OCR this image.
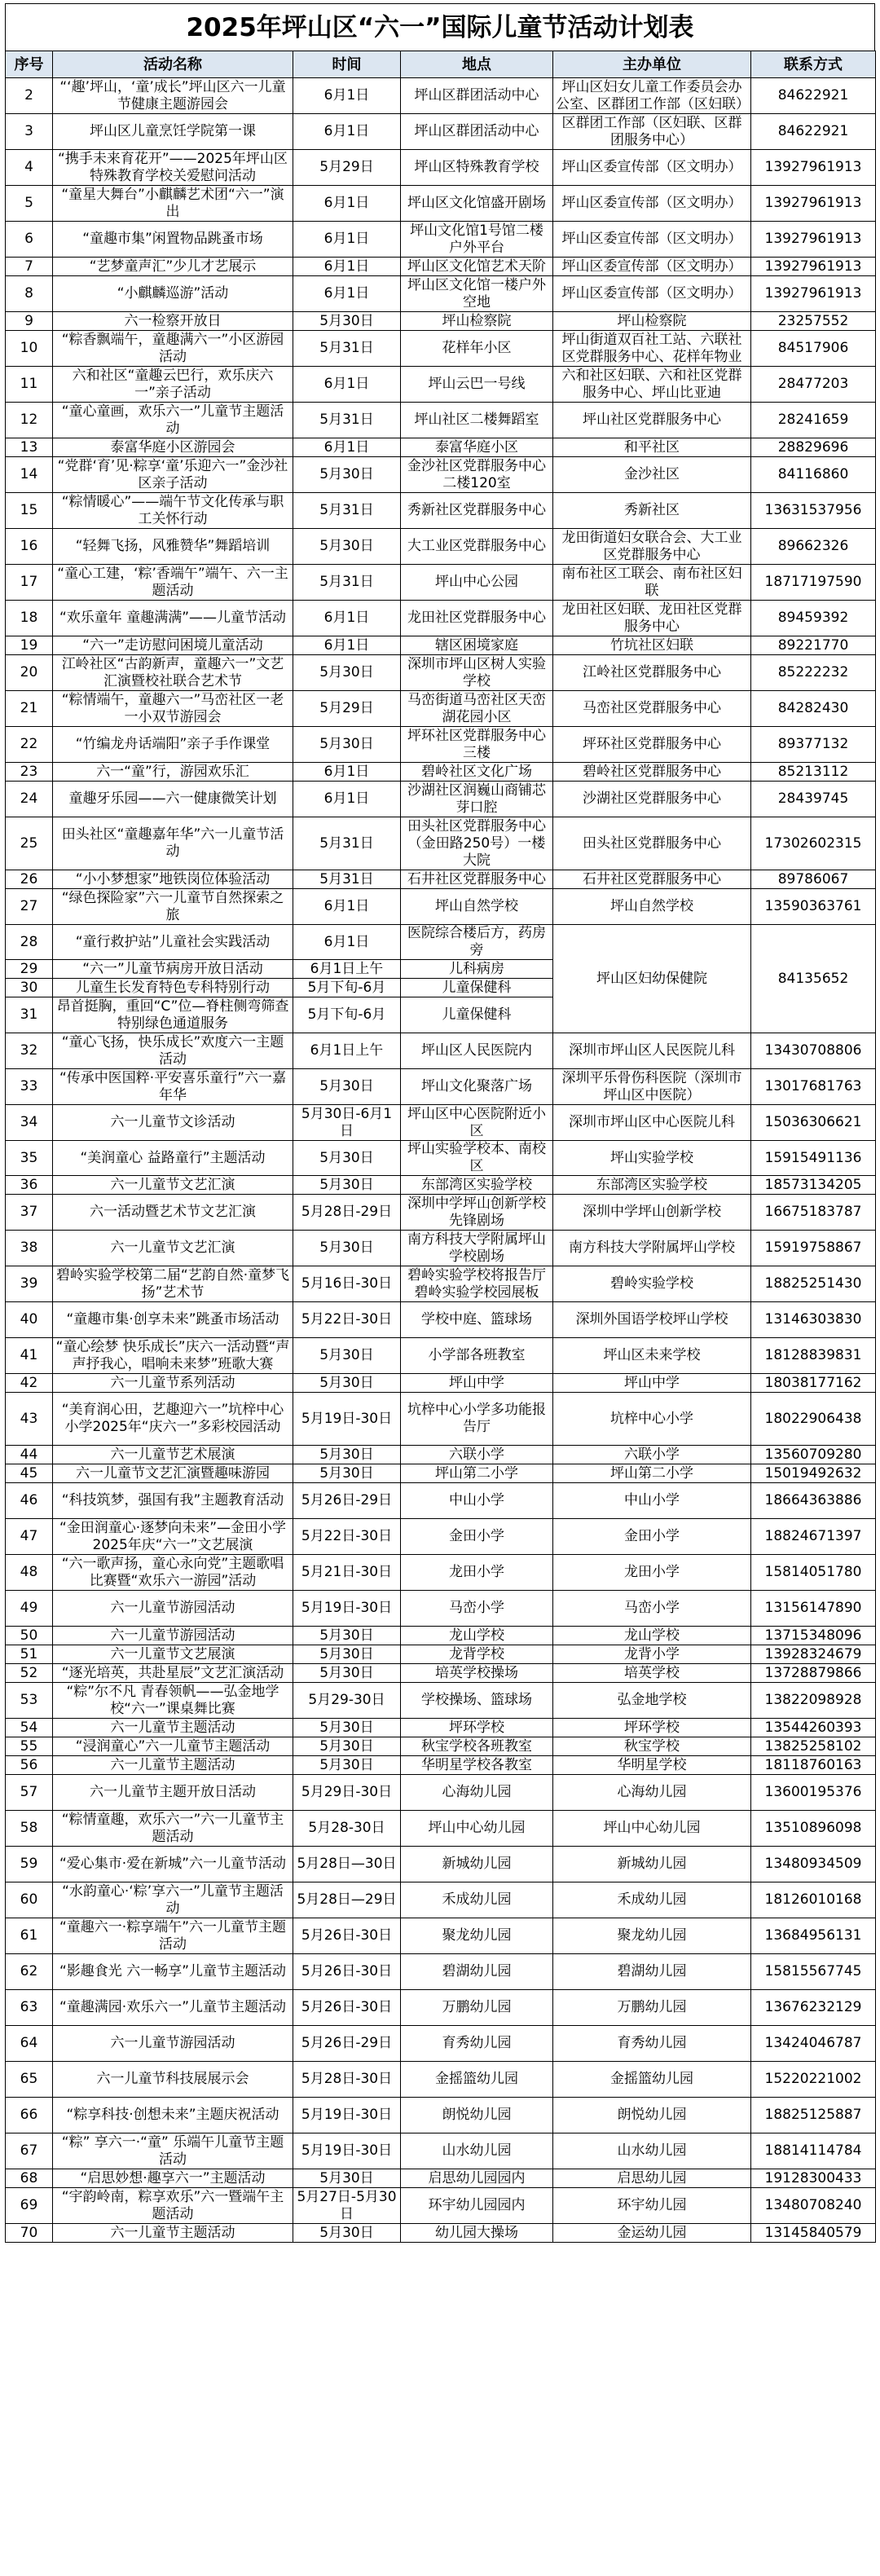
2025年坪山区“六一”国际儿童节活动计划表
序号	活动名称	时间	地点	主办单位	联系方式
2	“‘趣’坪山，‘童’成长”坪山区六一儿童节健康主题游园会	6月1日	坪山区群团活动中心	坪山区妇女儿童工作委员会办公室、区群团工作部（区妇联）	84622921
3	坪山区儿童烹饪学院第一课	6月1日	坪山区群团活动中心	区群团工作部（区妇联、区群团服务中心）	84622921
4	“携手未来育花开”——2025年坪山区特殊教育学校关爱慰问活动	5月29日	坪山区特殊教育学校	坪山区委宣传部（区文明办）	13927961913
5	“童星大舞台”小麒麟艺术团“六一”演出	6月1日	坪山区文化馆盛开剧场	坪山区委宣传部（区文明办）	13927961913
6	“童趣市集”闲置物品跳蚤市场	6月1日	坪山文化馆1号馆二楼户外平台	坪山区委宣传部（区文明办）	13927961913
7	“艺梦童声汇”少儿才艺展示	6月1日	坪山区文化馆艺术天阶	坪山区委宣传部（区文明办）	13927961913
8	“小麒麟巡游”活动	6月1日	坪山区文化馆一楼户外空地	坪山区委宣传部（区文明办）	13927961913
9	六一检察开放日	5月30日	坪山检察院	坪山检察院	23257552
10	“粽香飘端午，童趣满六一”小区游园活动	5月31日	花样年小区	坪山街道双百社工站、六联社区党群服务中心、花样年物业	84517906
11	六和社区“童趣云巴行，欢乐庆六一”亲子活动	6月1日	坪山云巴一号线	六和社区妇联、六和社区党群服务中心、坪山比亚迪	28477203
12	“童心童画，欢乐六一”儿童节主题活动	5月31日	坪山社区二楼舞蹈室	坪山社区党群服务中心	28241659
13	泰富华庭小区游园会	6月1日	泰富华庭小区	和平社区	28829696
14	“党群‘育’见·粽享‘童’乐迎六一”金沙社区亲子活动	5月30日	金沙社区党群服务中心二楼120室	金沙社区	84116860
15	“粽情暖心”——端午节文化传承与职工关怀行动	5月31日	秀新社区党群服务中心	秀新社区	13631537956
16	“轻舞飞扬，风雅赞华”舞蹈培训	5月30日	大工业区党群服务中心	龙田街道妇女联合会、大工业区党群服务中心	89662326
17	“童心工建，‘粽’香端午”端午、六一主题活动	5月31日	坪山中心公园	南布社区工联会、南布社区妇联	18717197590
18	“欢乐童年 童趣满满”——儿童节活动	6月1日	龙田社区党群服务中心	龙田社区妇联、龙田社区党群服务中心	89459392
19	“六一”走访慰问困境儿童活动	6月1日	辖区困境家庭	竹坑社区妇联	89221770
20	江岭社区“古韵新声，童趣六一”文艺汇演暨校社联合艺术节	5月30日	深圳市坪山区树人实验学校	江岭社区党群服务中心	85222232
21	“粽情端午，童趣六一”马峦社区一老一小双节游园会	5月29日	马峦街道马峦社区天峦湖花园小区	马峦社区党群服务中心	84282430
22	“竹编龙舟话端阳”亲子手作课堂	5月30日	坪环社区党群服务中心三楼	坪环社区党群服务中心	89377132
23	六一“童”行，游园欢乐汇	6月1日	碧岭社区文化广场	碧岭社区党群服务中心	85213112
24	童趣牙乐园——六一健康微笑计划	6月1日	沙湖社区润巍山商铺芯芽口腔	沙湖社区党群服务中心	28439745
25	田头社区“童趣嘉年华”六一儿童节活动	5月31日	田头社区党群服务中心（金田路250号）一楼大院	田头社区党群服务中心	17302602315
26	“小小梦想家”地铁岗位体验活动	5月31日	石井社区党群服务中心	石井社区党群服务中心	89786067
27	“绿色探险家”六一儿童节自然探索之旅	6月1日	坪山自然学校	坪山自然学校	13590363761
28	“童行救护站”儿童社会实践活动	6月1日	医院综合楼后方，药房旁	坪山区妇幼保健院	84135652
29	“六一”儿童节病房开放日活动	6月1日上午	儿科病房		
30	儿童生长发育特色专科特别行动	5月下旬-6月	儿童保健科		
31	昂首挺胸，重回“C”位—脊柱侧弯筛查特别绿色通道服务	5月下旬-6月	儿童保健科		
32	“童心飞扬，快乐成长”欢度六一主题活动	6月1日上午	坪山区人民医院内	深圳市坪山区人民医院儿科	13430708806
33	“传承中医国粹·平安喜乐童行”六一嘉年华	5月30日	坪山文化聚落广场	深圳平乐骨伤科医院（深圳市坪山区中医院）	13017681763
34	六一儿童节文诊活动	5月30日-6月1日	坪山区中心医院附近小区	深圳市坪山区中心医院儿科	15036306621
35	“美润童心 益路童行”主题活动	5月30日	坪山实验学校本、南校区	坪山实验学校	15915491136
36	六一儿童节文艺汇演	5月30日	东部湾区实验学校	东部湾区实验学校	18573134205
37	六一活动暨艺术节文艺汇演	5月28日-29日	深圳中学坪山创新学校先锋剧场	深圳中学坪山创新学校	16675183787
38	六一儿童节文艺汇演	5月30日	南方科技大学附属坪山学校剧场	南方科技大学附属坪山学校	15919758867
39	碧岭实验学校第二届“艺韵自然·童梦飞扬”艺术节	5月16日-30日	碧岭实验学校将报告厅碧岭实验学校园展板	碧岭实验学校	18825251430
40	“童趣市集·创享未来”跳蚤市场活动	5月22日-30日	学校中庭、篮球场	深圳外国语学校坪山学校	13146303830
41	“童心绘梦 快乐成长”庆六一活动暨“声声抒我心，唱响未来梦”班歌大赛	5月30日	小学部各班教室	坪山区未来学校	18128839831
42	六一儿童节系列活动	5月30日	坪山中学	坪山中学	18038177162
43	“美育润心田，艺趣迎六一”坑梓中心小学2025年“庆六一”多彩校园活动	5月19日-30日	坑梓中心小学多功能报告厅	坑梓中心小学	18022906438
44	六一儿童节艺术展演	5月30日	六联小学	六联小学	13560709280
45	六一儿童节文艺汇演暨趣味游园	5月30日	坪山第二小学	坪山第二小学	15019492632
46	“科技筑梦，强国有我”主题教育活动	5月26日-29日	中山小学	中山小学	18664363886
47	“金田润童心·逐梦向未来”—金田小学2025年庆“六一”文艺展演	5月22日-30日	金田小学	金田小学	18824671397
48	“六一歌声扬，童心永向党”主题歌唱比赛暨“欢乐六一游园”活动	5月21日-30日	龙田小学	龙田小学	15814051780
49	六一儿童节游园活动	5月19日-30日	马峦小学	马峦小学	13156147890
50	六一儿童节游园活动	5月30日	龙山学校	龙山学校	13715348096
51	六一儿童节文艺展演	5月30日	龙背学校	龙背小学	13928324679
52	“逐光培英，共赴星辰”文艺汇演活动	5月30日	培英学校操场	培英学校	13728879866
53	“粽”尔不凡 青春领帆——弘金地学校“六一”课桌舞比赛	5月29-30日	学校操场、篮球场	弘金地学校	13822098928
54	六一儿童节主题活动	5月30日	坪环学校	坪环学校	13544260393
55	“浸润童心”六一儿童节主题活动	5月30日	秋宝学校各班教室	秋宝学校	13825258102
56	六一儿童节主题活动	5月30日	华明星学校各教室	华明星学校	18118760163
57	六一儿童节主题开放日活动	5月29日-30日	心海幼儿园	心海幼儿园	13600195376
58	“粽情童趣，欢乐六一”六一儿童节主题活动	5月28-30日	坪山中心幼儿园	坪山中心幼儿园	13510896098
59	“爱心集市·爱在新城”六一儿童节活动	5月28日—30日	新城幼儿园	新城幼儿园	13480934509
60	“水韵童心·‘粽’享六一”儿童节主题活动	5月28日—29日	禾成幼儿园	禾成幼儿园	18126010168
61	“童趣六一·粽享端午”六一儿童节主题活动	5月26日-30日	聚龙幼儿园	聚龙幼儿园	13684956131
62	“影趣食光 六一畅享”儿童节主题活动	5月26日-30日	碧湖幼儿园	碧湖幼儿园	15815567745
63	“童趣满园·欢乐六一”儿童节主题活动	5月26日-30日	万鹏幼儿园	万鹏幼儿园	13676232129
64	六一儿童节游园活动	5月26日-29日	育秀幼儿园	育秀幼儿园	13424046787
65	六一儿童节科技展展示会	5月28日-30日	金摇篮幼儿园	金摇篮幼儿园	15220221002
66	“粽享科技·创想未来”主题庆祝活动	5月19日-30日	朗悦幼儿园	朗悦幼儿园	18825125887
67	“粽” 享六一·“童” 乐端午儿童节主题活动	5月19日-30日	山水幼儿园	山水幼儿园	18814114784
68	“启思妙想·趣享六一”主题活动	5月30日	启思幼儿园园内	启思幼儿园	19128300433
69	“宇韵岭南，粽享欢乐”六一暨端午主题活动	5月27日-5月30日	环宇幼儿园园内	环宇幼儿园	13480708240
70	六一儿童节主题活动	5月30日	幼儿园大操场	金运幼儿园	13145840579
